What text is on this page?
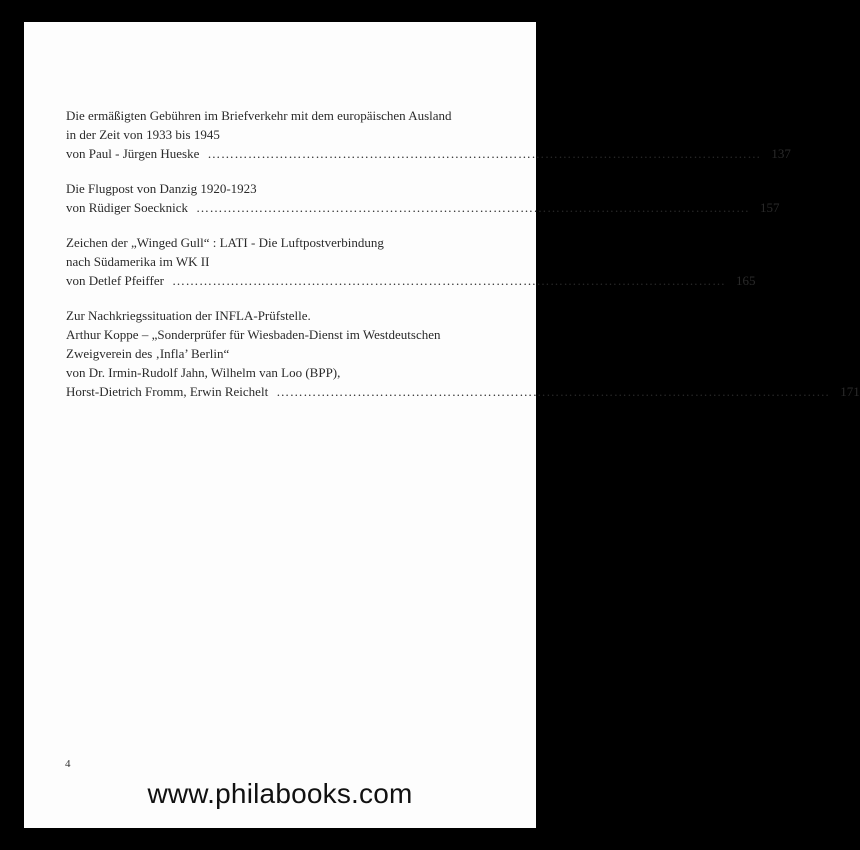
Die ermäßigten Gebühren im Briefverkehr mit dem europäischen Ausland
in der Zeit von 1933 bis 1945
von Paul - Jürgen Hueske …………………………………………………………………………………………………………… 137
Die Flugpost von Danzig 1920-1923
von Rüdiger Soecknick …………………………………………………………………………………………………………… 157
Zeichen der „Winged Gull“ : LATI - Die Luftpostverbindung
nach Südamerika im WK II
von Detlef Pfeiffer …………………………………………………………………………………………………………… 165
Zur Nachkriegssituation der INFLA-Prüfstelle.
Arthur Koppe – „Sonderprüfer für Wiesbaden-Dienst im Westdeutschen
Zweigverein des ‚Infla’ Berlin“
von Dr. Irmin-Rudolf Jahn, Wilhelm van Loo (BPP),
Horst-Dietrich Fromm, Erwin Reichelt …………………………………………………………………………………………………………… 171
4
www.philabooks.com
